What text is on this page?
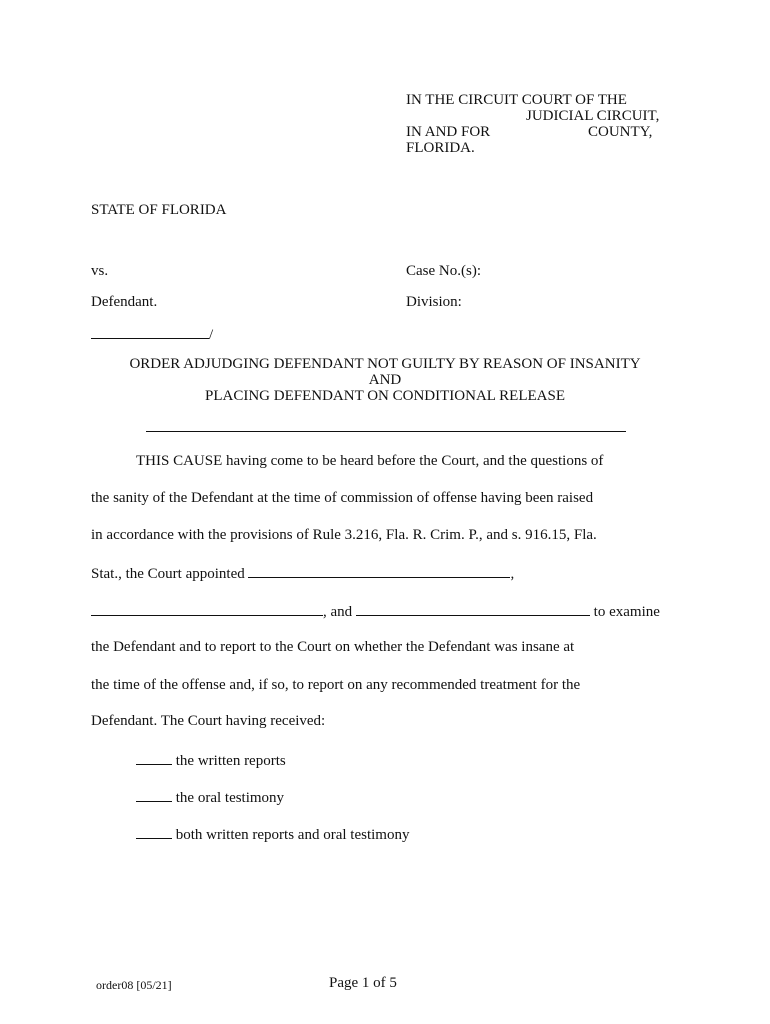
IN THE CIRCUIT COURT OF THE
JUDICIAL CIRCUIT,
IN AND FOR	COUNTY,
FLORIDA.
STATE OF FLORIDA
vs.	Case No.(s):
Defendant.	Division:
/
ORDER ADJUDGING DEFENDANT NOT GUILTY BY REASON OF INSANITY
AND
PLACING DEFENDANT ON CONDITIONAL RELEASE
THIS CAUSE having come to be heard before the Court, and the questions of
the sanity of the Defendant at the time of commission of offense having been raised
in accordance with the provisions of Rule 3.216, Fla. R. Crim. P., and s. 916.15, Fla.
Stat., the Court appointed	,
, and	to examine
the Defendant and to report to the Court on whether the Defendant was insane at
the time of the offense and, if so, to report on any recommended treatment for the
Defendant. The Court having received:
the written reports
the oral testimony
both written reports and oral testimony
order08 [05/21]	Page 1 of 5
